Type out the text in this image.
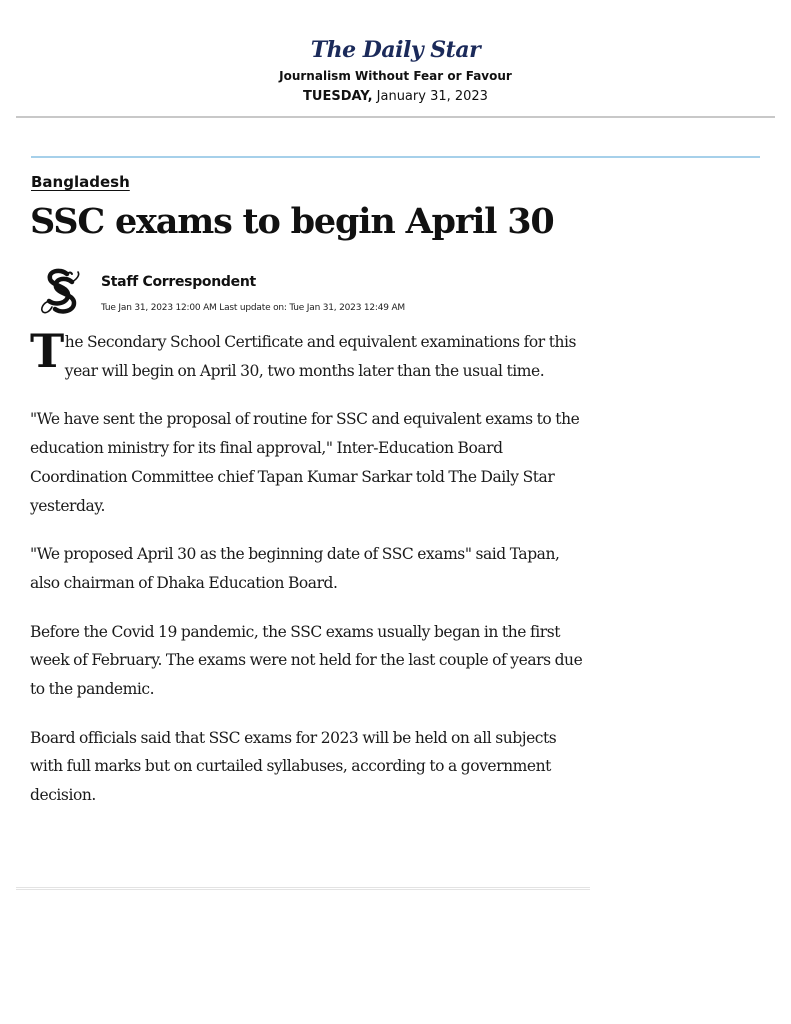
The Daily Star
Journalism Without Fear or Favour
TUESDAY, January 31, 2023
Bangladesh
SSC exams to begin April 30
Staff Correspondent
Tue Jan 31, 2023 12:00 AM Last update on: Tue Jan 31, 2023 12:49 AM

The Secondary School Certificate and equivalent examinations for this year will begin on April 30, two months later than the usual time.

"We have sent the proposal of routine for SSC and equivalent exams to the education ministry for its final approval," Inter-Education Board Coordination Committee chief Tapan Kumar Sarkar told The Daily Star yesterday.

"We proposed April 30 as the beginning date of SSC exams" said Tapan, also chairman of Dhaka Education Board.

Before the Covid 19 pandemic, the SSC exams usually began in the first week of February. The exams were not held for the last couple of years due to the pandemic.

Board officials said that SSC exams for 2023 will be held on all subjects with full marks but on curtailed syllabuses, according to a government decision.
